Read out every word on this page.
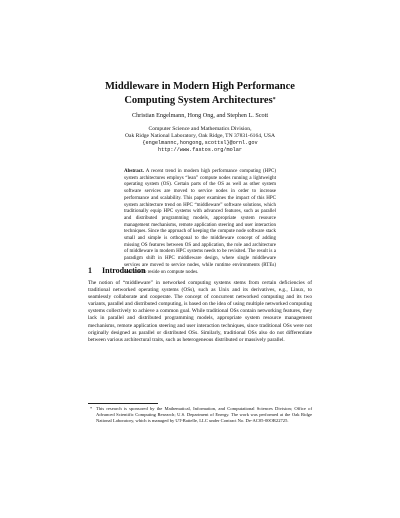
Middleware in Modern High Performance
Computing System Architectures*
Christian Engelmann, Hong Ong, and Stephen L. Scott
Computer Science and Mathematics Division,
Oak Ridge National Laboratory, Oak Ridge, TN 37831-6164, USA
{engelmannc,hongong,scottsl}@ornl.gov
http://www.fastos.org/molar
Abstract. A recent trend in modern high performance computing (HPC) system architectures employs “lean” compute nodes running a lightweight operating system (OS). Certain parts of the OS as well as other system software services are moved to service nodes in order to increase performance and scalability. This paper examines the impact of this HPC system architecture trend on HPC “middleware” software solutions, which traditionally equip HPC systems with advanced features, such as parallel and distributed programming models, appropriate system resource management mechanisms, remote application steering and user interaction techniques. Since the approach of keeping the compute node software stack small and simple is orthogonal to the middleware concept of adding missing OS features between OS and application, the role and architecture of middleware in modern HPC systems needs to be revisited. The result is a paradigm shift in HPC middleware design, where single middleware services are moved to service nodes, while runtime environments (RTEs) continue to reside on compute nodes.
1 Introduction

The notion of “middleware” in networked computing systems stems from certain deficiencies of traditional networked operating systems (OSs), such as Unix and its derivatives, e.g., Linux, to seamlessly collaborate and cooperate. The concept of concurrent networked computing and its two variants, parallel and distributed computing, is based on the idea of using multiple networked computing systems collectively to achieve a common goal. While traditional OSs contain networking features, they lack in parallel and distributed programming models, appropriate system resource management mechanisms, remote application steering and user interaction techniques, since traditional OSs were not originally designed as parallel or distributed OSs. Similarly, traditional OSs also do not differentiate between various architectural traits, such as heterogeneous distributed or massively parallel.

* This research is sponsored by the Mathematical, Information, and Computational Sciences Division; Office of Advanced Scientific Computing Research; U.S. Department of Energy. The work was performed at the Oak Ridge National Laboratory, which is managed by UT-Battelle, LLC under Contract No. De-AC05-00OR22725.
